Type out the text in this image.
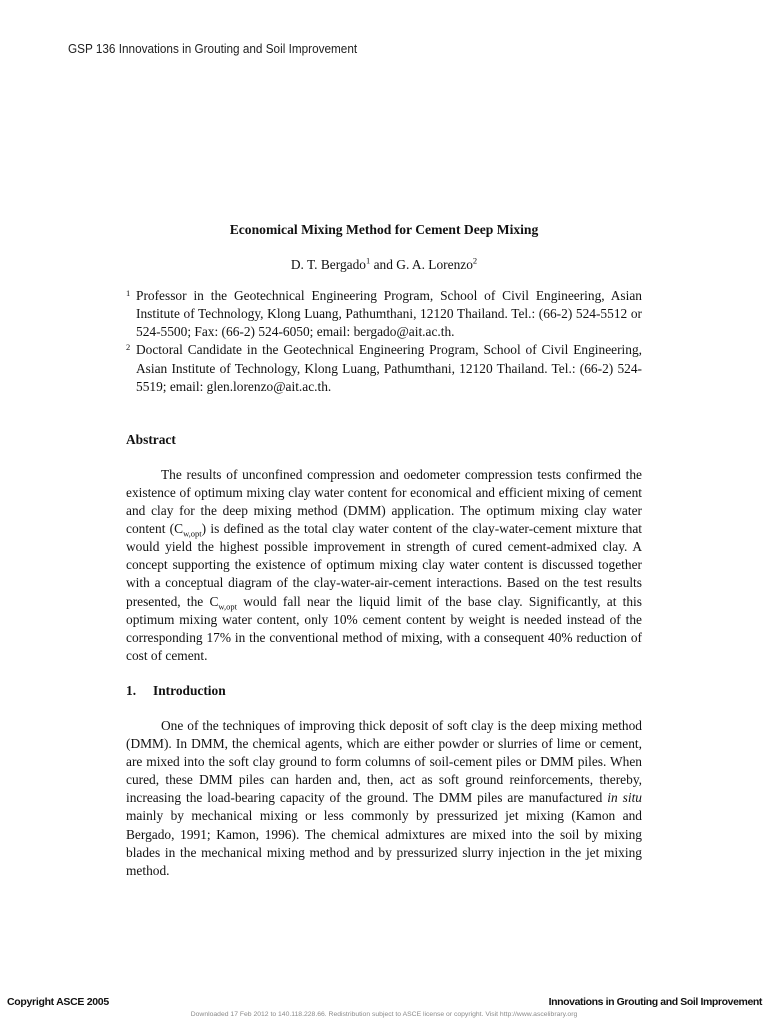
GSP 136 Innovations in Grouting and Soil Improvement
Economical Mixing Method for Cement Deep Mixing
D. T. Bergado$^1$ and G. A. Lorenzo$^2$
1 Professor in the Geotechnical Engineering Program, School of Civil Engineering, Asian Institute of Technology, Klong Luang, Pathumthani, 12120 Thailand. Tel.: (66-2) 524-5512 or 524-5500; Fax: (66-2) 524-6050; email: bergado@ait.ac.th.
2 Doctoral Candidate in the Geotechnical Engineering Program, School of Civil Engineering, Asian Institute of Technology, Klong Luang, Pathumthani, 12120 Thailand. Tel.: (66-2) 524-5519; email: glen.lorenzo@ait.ac.th.
Abstract

The results of unconfined compression and oedometer compression tests confirmed the existence of optimum mixing clay water content for economical and efficient mixing of cement and clay for the deep mixing method (DMM) application. The optimum mixing clay water content $(C_{w,opt})$ is defined as the total clay water content of the clay-water-cement mixture that would yield the highest possible improvement in strength of cured cement-admixed clay. A concept supporting the existence of optimum mixing clay water content is discussed together with a conceptual diagram of the clay-water-air-cement interactions. Based on the test results presented, the $C_{w,opt}$ would fall near the liquid limit of the base clay. Significantly, at this optimum mixing water content, only 10% cement content by weight is needed instead of the corresponding 17% in the conventional method of mixing, with a consequent 40% reduction of cost of cement.

1. Introduction

One of the techniques of improving thick deposit of soft clay is the deep mixing method (DMM). In DMM, the chemical agents, which are either powder or slurries of lime or cement, are mixed into the soft clay ground to form columns of soil-cement piles or DMM piles. When cured, these DMM piles can harden and, then, act as soft ground reinforcements, thereby, increasing the load-bearing capacity of the ground. The DMM piles are manufactured in situ mainly by mechanical mixing or less commonly by pressurized jet mixing (Kamon and Bergado, 1991; Kamon, 1996). The chemical admixtures are mixed into the soil by mixing blades in the mechanical mixing method and by pressurized slurry injection in the jet mixing method.

Copyright ASCE 2005	Innovations in Grouting and Soil Improvement
Downloaded 17 Feb 2012 to 140.118.228.66. Redistribution subject to ASCE license or copyright. Visit http://www.ascelibrary.org
